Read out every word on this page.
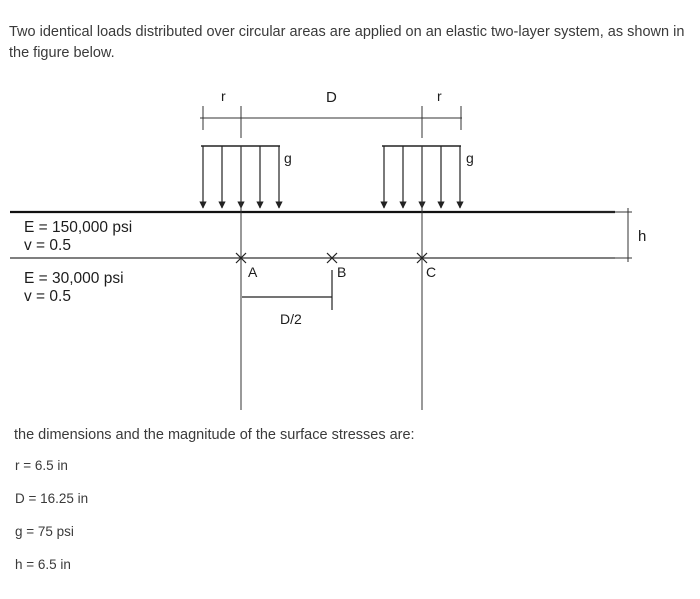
Two identical loads distributed over circular areas are applied on an elastic two-layer system, as shown in the figure below.

r	D	r
g	g
h
A	B	C
D/2
E = 150,000 psi
v = 0.5
E = 30,000 psi
v = 0.5

the dimensions and the magnitude of the surface stresses are:

r = 6.5 in

D = 16.25 in

g = 75 psi

h = 6.5 in
